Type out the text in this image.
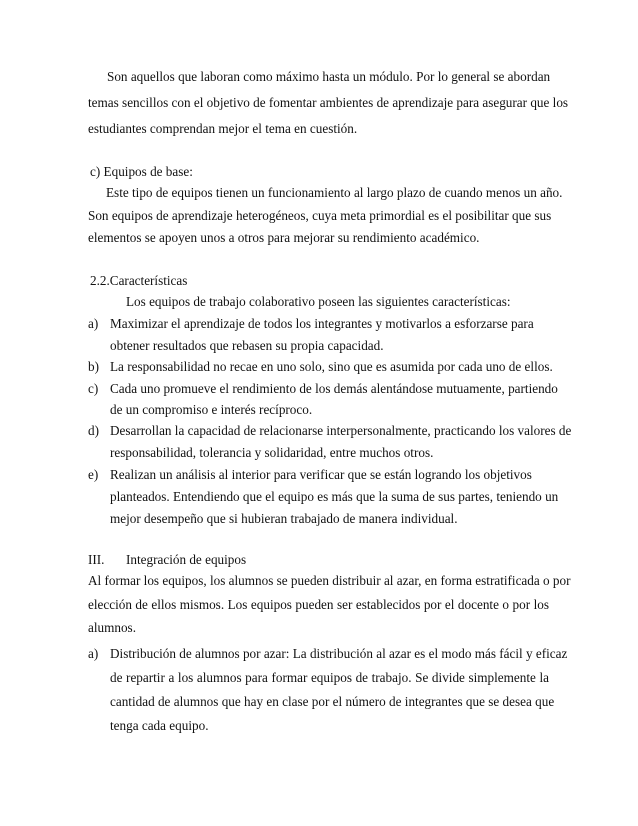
Son aquellos que laboran como máximo hasta un módulo. Por lo general se abordan
temas sencillos con el objetivo de fomentar ambientes de aprendizaje para asegurar que los
estudiantes comprendan mejor el tema en cuestión.
c) Equipos de base:
Este tipo de equipos tienen un funcionamiento al largo plazo de cuando menos un año.
Son equipos de aprendizaje heterogéneos, cuya meta primordial es el posibilitar que sus
elementos se apoyen unos a otros para mejorar su rendimiento académico.
2.2.Características
Los equipos de trabajo colaborativo poseen las siguientes características:
a) Maximizar el aprendizaje de todos los integrantes y motivarlos a esforzarse para
obtener resultados que rebasen su propia capacidad.
b) La responsabilidad no recae en uno solo, sino que es asumida por cada uno de ellos.
c) Cada uno promueve el rendimiento de los demás alentándose mutuamente, partiendo
de un compromiso e interés recíproco.
d) Desarrollan la capacidad de relacionarse interpersonalmente, practicando los valores de
responsabilidad, tolerancia y solidaridad, entre muchos otros.
e) Realizan un análisis al interior para verificar que se están logrando los objetivos
planteados. Entendiendo que el equipo es más que la suma de sus partes, teniendo un
mejor desempeño que si hubieran trabajado de manera individual.
III. Integración de equipos
Al formar los equipos, los alumnos se pueden distribuir al azar, en forma estratificada o por
elección de ellos mismos. Los equipos pueden ser establecidos por el docente o por los
alumnos.
a) Distribución de alumnos por azar: La distribución al azar es el modo más fácil y eficaz
de repartir a los alumnos para formar equipos de trabajo. Se divide simplemente la
cantidad de alumnos que hay en clase por el número de integrantes que se desea que
tenga cada equipo.
